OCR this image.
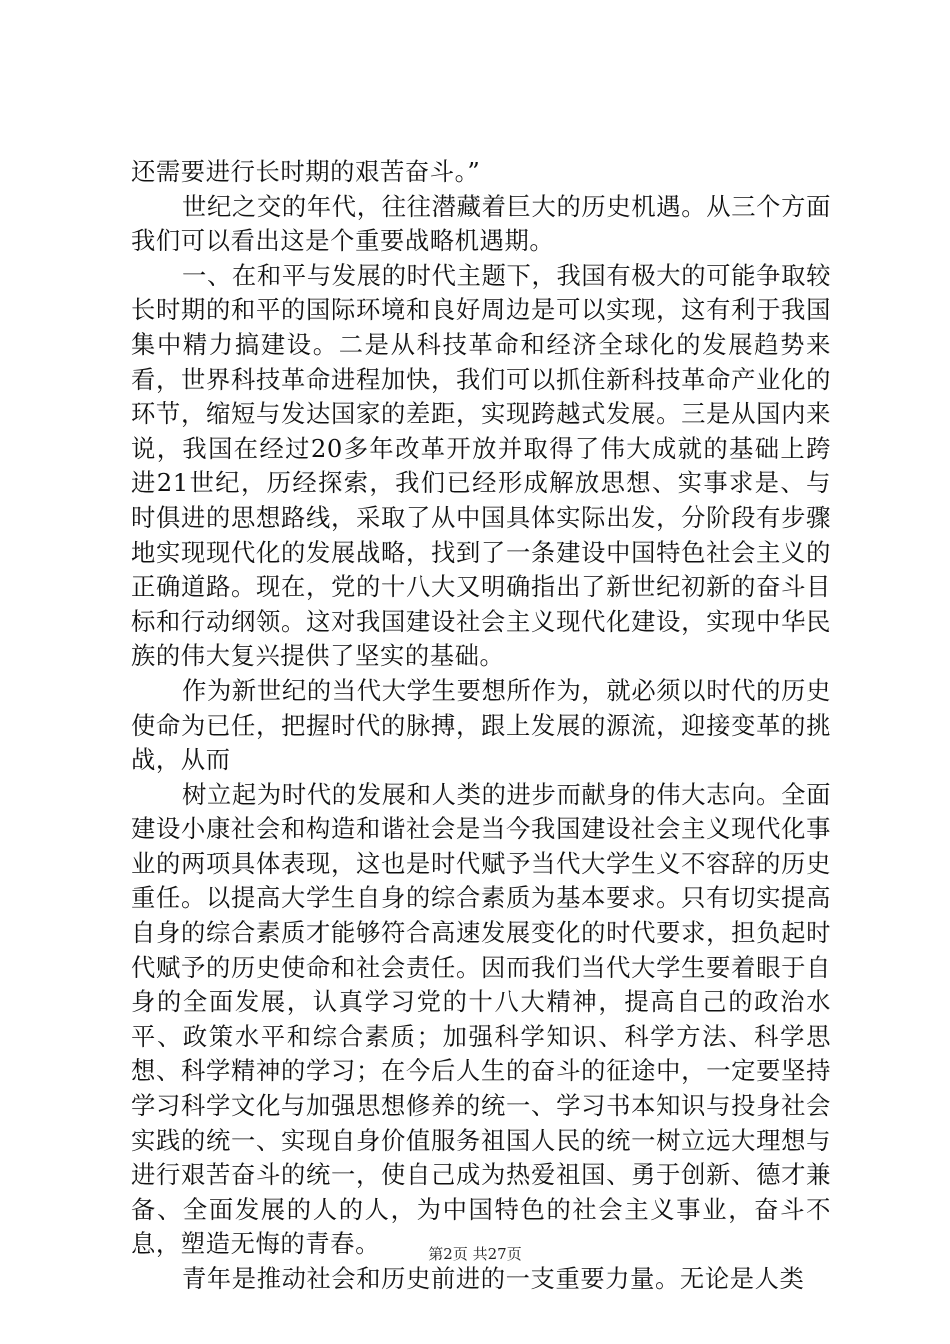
还需要进行长时期的艰苦奋斗。”

世纪之交的年代，往往潜藏着巨大的历史机遇。从三个方面我们可以看出这是个重要战略机遇期。

一、在和平与发展的时代主题下，我国有极大的可能争取较长时期的和平的国际环境和良好周边是可以实现，这有利于我国集中精力搞建设。二是从科技革命和经济全球化的发展趋势来看，世界科技革命进程加快，我们可以抓住新科技革命产业化的环节，缩短与发达国家的差距，实现跨越式发展。三是从国内来说，我国在经过20多年改革开放并取得了伟大成就的基础上跨进21世纪，历经探索，我们已经形成解放思想、实事求是、与时俱进的思想路线，采取了从中国具体实际出发，分阶段有步骤地实现现代化的发展战略，找到了一条建设中国特色社会主义的正确道路。现在，党的十八大又明确指出了新世纪初新的奋斗目标和行动纲领。这对我国建设社会主义现代化建设，实现中华民族的伟大复兴提供了坚实的基础。

作为新世纪的当代大学生要想所作为，就必须以时代的历史使命为已任，把握时代的脉搏，跟上发展的源流，迎接变革的挑战，从而

树立起为时代的发展和人类的进步而献身的伟大志向。全面建设小康社会和构造和谐社会是当今我国建设社会主义现代化事业的两项具体表现，这也是时代赋予当代大学生义不容辞的历史重任。以提高大学生自身的综合素质为基本要求。只有切实提高自身的综合素质才能够符合高速发展变化的时代要求，担负起时代赋予的历史使命和社会责任。因而我们当代大学生要着眼于自身的全面发展，认真学习党的十八大精神，提高自己的政治水平、政策水平和综合素质；加强科学知识、科学方法、科学思想、科学精神的学习；在今后人生的奋斗的征途中，一定要坚持学习科学文化与加强思想修养的统一、学习书本知识与投身社会实践的统一、实现自身价值服务祖国人民的统一树立远大理想与进行艰苦奋斗的统一，使自己成为热爱祖国、勇于创新、德才兼备、全面发展的人的人，为中国特色的社会主义事业，奋斗不息，塑造无悔的青春。

青年是推动社会和历史前进的一支重要力量。无论是人类

第2页 共27页
